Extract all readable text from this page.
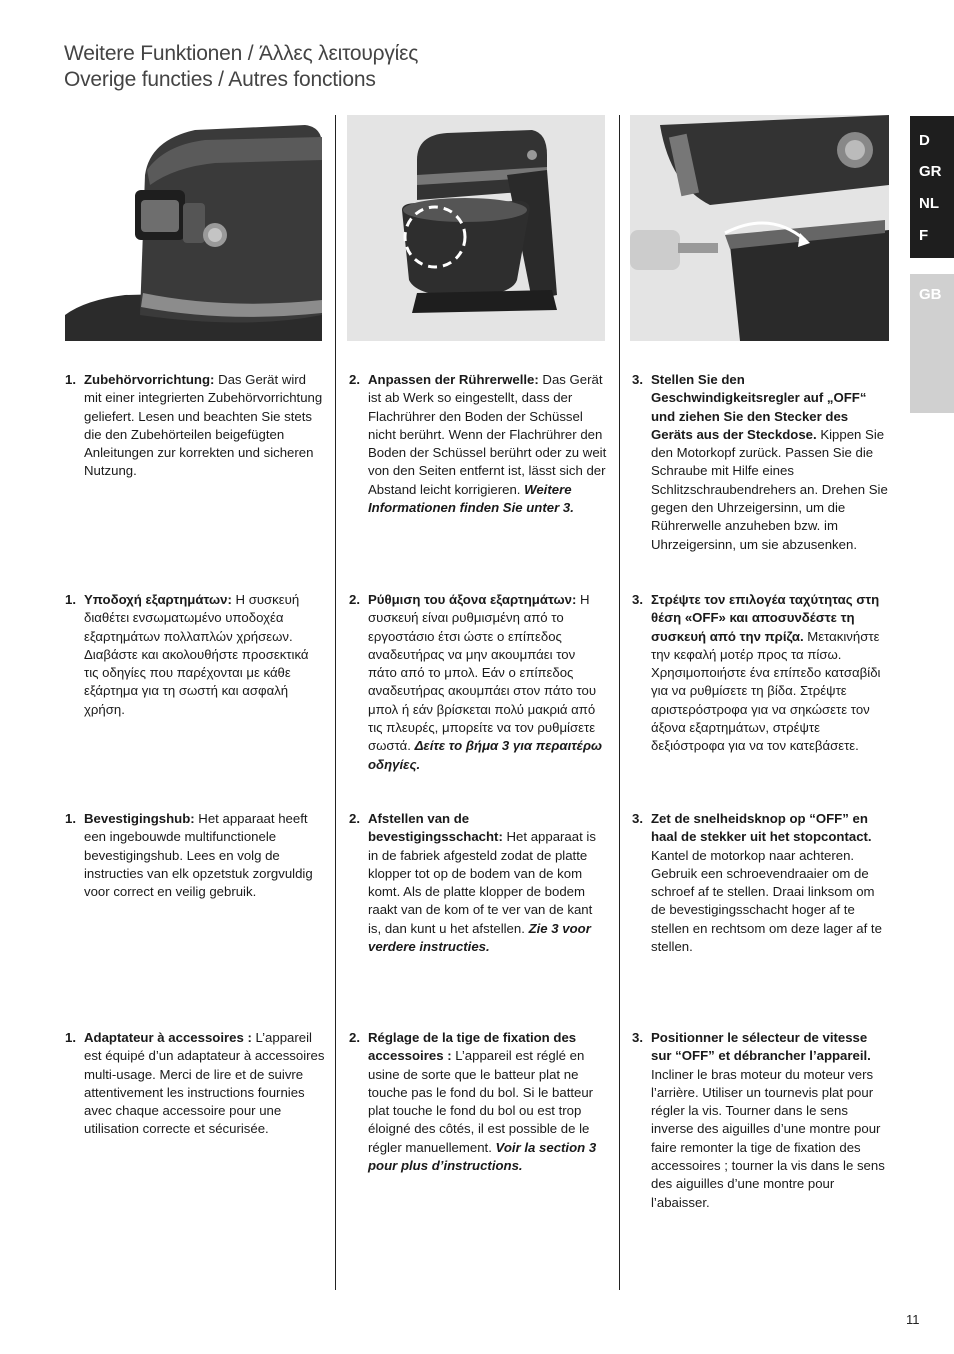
Weitere Funktionen / Άλλες λειτουργίες
Overige functies / Autres fonctions
D
GR
NL
F
GB
1. Zubehörvorrichtung: Das Gerät wird mit einer integrierten Zubehörvorrichtung geliefert. Lesen und beachten Sie stets die den Zubehörteilen beigefügten Anleitungen zur korrekten und sicheren Nutzung.
2. Anpassen der Rührerwelle: Das Gerät ist ab Werk so eingestellt, dass der Flachrührer den Boden der Schüssel nicht berührt. Wenn der Flachrührer den Boden der Schüssel berührt oder zu weit von den Seiten entfernt ist, lässt sich der Abstand leicht korrigieren. Weitere Informationen finden Sie unter 3.
3. Stellen Sie den Geschwindigkeitsregler auf „OFF“ und ziehen Sie den Stecker des Geräts aus der Steckdose. Kippen Sie den Motorkopf zurück. Passen Sie die Schraube mit Hilfe eines Schlitzschraubendrehers an. Drehen Sie gegen den Uhrzeigersinn, um die Rührerwelle anzuheben bzw. im Uhrzeigersinn, um sie abzusenken.
1. Υποδοχή εξαρτημάτων: Η συσκευή διαθέτει ενσωματωμένο υποδοχέα εξαρτημάτων πολλαπλών χρήσεων. Διαβάστε και ακολουθήστε προσεκτικά τις οδηγίες που παρέχονται με κάθε εξάρτημα για τη σωστή και ασφαλή χρήση.
2. Ρύθμιση του άξονα εξαρτημάτων: Η συσκευή είναι ρυθμισμένη από το εργοστάσιο έτσι ώστε ο επίπεδος αναδευτήρας να μην ακουμπάει τον πάτο από το μπολ. Εάν ο επίπεδος αναδευτήρας ακουμπάει στον πάτο του μπολ ή εάν βρίσκεται πολύ μακριά από τις πλευρές, μπορείτε να τον ρυθμίσετε σωστά. Δείτε το βήμα 3 για περαιτέρω οδηγίες.
3. Στρέψτε τον επιλογέα ταχύτητας στη θέση «OFF» και αποσυνδέστε τη συσκευή από την πρίζα. Μετακινήστε την κεφαλή μοτέρ προς τα πίσω. Χρησιμοποιήστε ένα επίπεδο κατσαβίδι για να ρυθμίσετε τη βίδα. Στρέψτε αριστερόστροφα για να σηκώσετε τον άξονα εξαρτημάτων, στρέψτε δεξιόστροφα για να τον κατεβάσετε.
1. Bevestigingshub: Het apparaat heeft een ingebouwde multifunctionele bevestigingshub. Lees en volg de instructies van elk opzetstuk zorgvuldig voor correct en veilig gebruik.
2. Afstellen van de bevestigingsschacht: Het apparaat is in de fabriek afgesteld zodat de platte klopper tot op de bodem van de kom komt. Als de platte klopper de bodem raakt van de kom of te ver van de kant is, dan kunt u het afstellen. Zie 3 voor verdere instructies.
3. Zet de snelheidsknop op “OFF” en haal de stekker uit het stopcontact. Kantel de motorkop naar achteren. Gebruik een schroevendraaier om de schroef af te stellen. Draai linksom om de bevestigingsschacht hoger af te stellen en rechtsom om deze lager af te stellen.
1. Adaptateur à accessoires : L’appareil est équipé d’un adaptateur à accessoires multi-usage. Merci de lire et de suivre attentivement les instructions fournies avec chaque accessoire pour une utilisation correcte et sécurisée.
2. Réglage de la tige de fixation des accessoires : L’appareil est réglé en usine de sorte que le batteur plat ne touche pas le fond du bol. Si le batteur plat touche le fond du bol ou est trop éloigné des côtés, il est possible de le régler manuellement. Voir la section 3 pour plus d’instructions.
3. Positionner le sélecteur de vitesse sur “OFF” et débrancher l’appareil. Incliner le bras moteur du moteur vers l’arrière. Utiliser un tournevis plat pour régler la vis. Tourner dans le sens inverse des aiguilles d’une montre pour faire remonter la tige de fixation des accessoires ; tourner la vis dans le sens des aiguilles d’une montre pour l’abaisser.
11
